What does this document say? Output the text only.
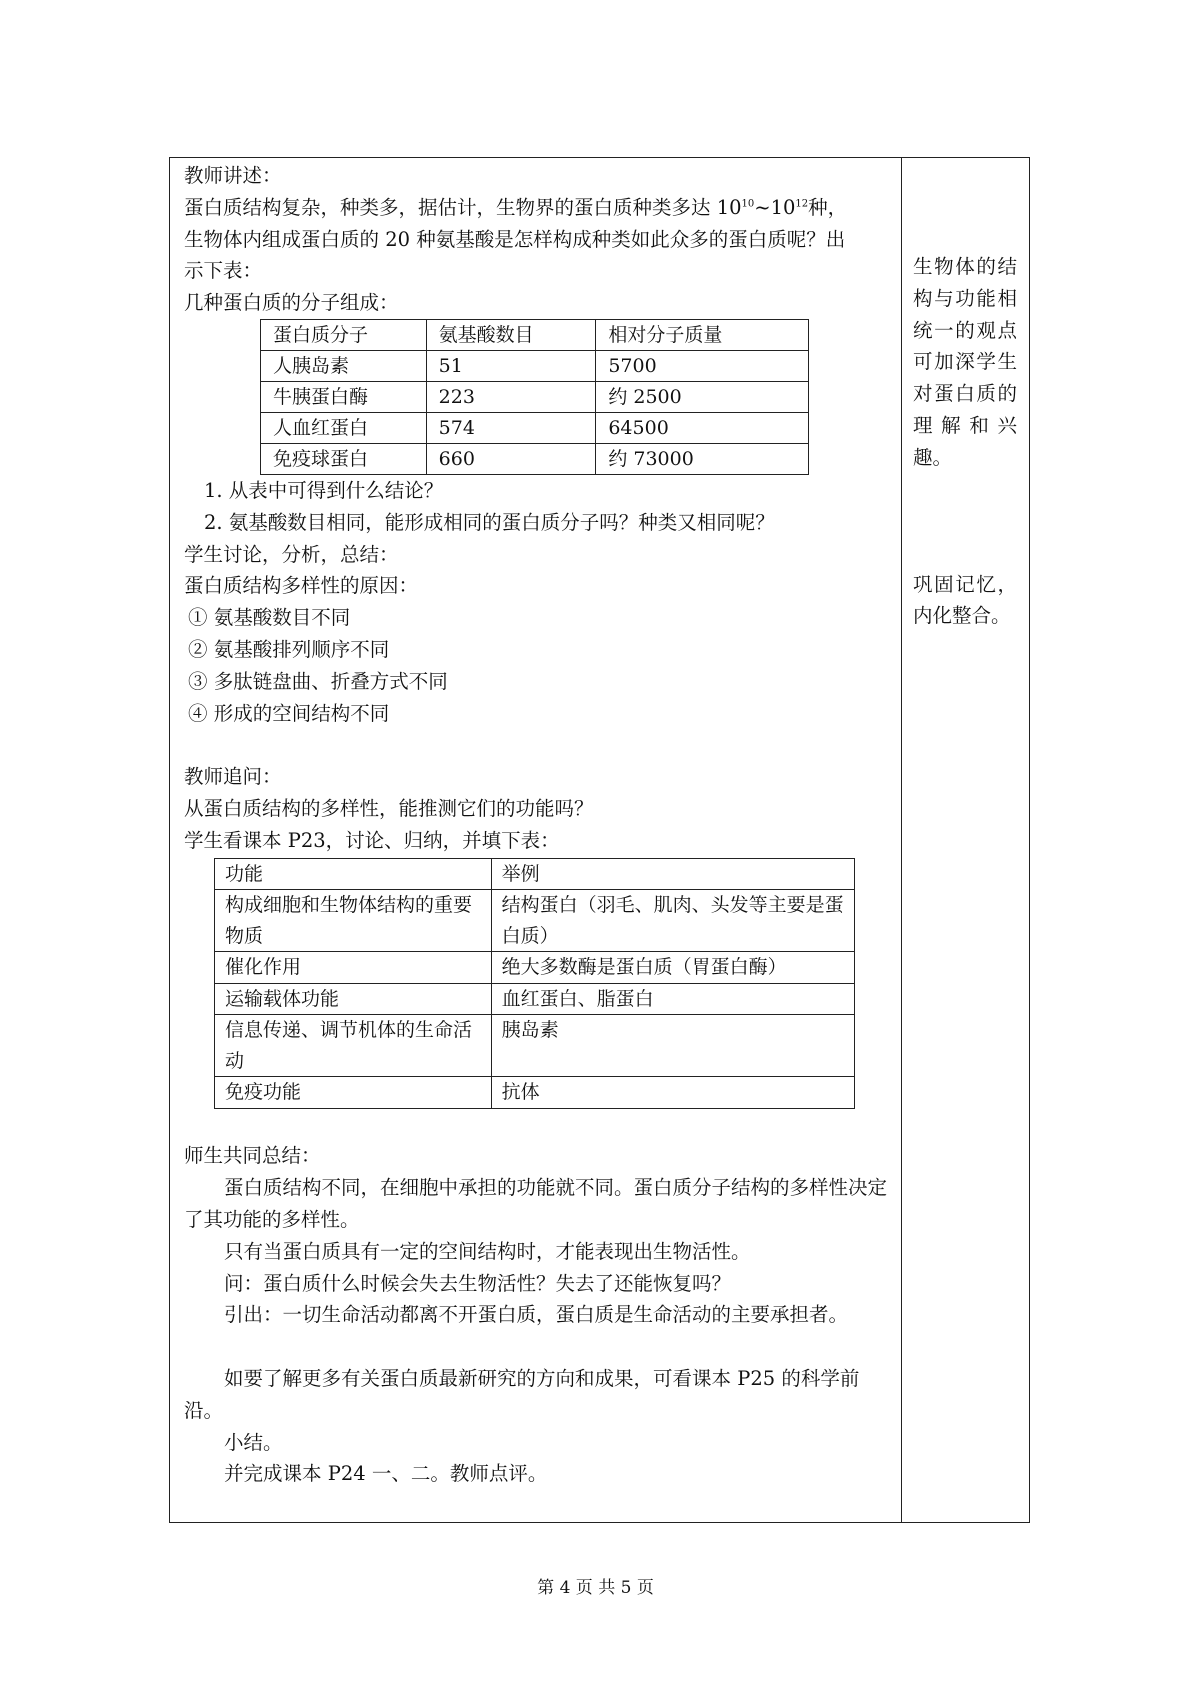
教师讲述：

蛋白质结构复杂，种类多，据估计，生物界的蛋白质种类多达 $10^{10}\sim 10^{12}$种，

生物体内组成蛋白质的 20 种氨基酸是怎样构成种类如此众多的蛋白质呢？出

示下表：

几种蛋白质的分子组成：

蛋白质分子	氨基酸数目	相对分子质量
人胰岛素	51	5700
牛胰蛋白酶	223	约 2500
人血红蛋白	574	64500
免疫球蛋白	660	约 73000

1. 从表中可得到什么结论？

2. 氨基酸数目相同，能形成相同的蛋白质分子吗？种类又相同呢？

学生讨论，分析，总结：

蛋白质结构多样性的原因：

① 氨基酸数目不同

② 氨基酸排列顺序不同

③ 多肽链盘曲、折叠方式不同

④ 形成的空间结构不同

教师追问：

从蛋白质结构的多样性，能推测它们的功能吗？

学生看课本 P23，讨论、归纳，并填下表：

功能	举例
构成细胞和生物体结构的重要物质	结构蛋白（羽毛、肌肉、头发等主要是蛋白质）
催化作用	绝大多数酶是蛋白质（胃蛋白酶）
运输载体功能	血红蛋白、脂蛋白
信息传递、调节机体的生命活动	胰岛素
免疫功能	抗体

师生共同总结：

蛋白质结构不同，在细胞中承担的功能就不同。蛋白质分子结构的多样性决定了其功能的多样性。

只有当蛋白质具有一定的空间结构时，才能表现出生物活性。

问：蛋白质什么时候会失去生物活性？失去了还能恢复吗？

引出：一切生命活动都离不开蛋白质，蛋白质是生命活动的主要承担者。

如要了解更多有关蛋白质最新研究的方向和成果，可看课本 P25 的科学前沿。

小结。

并完成课本 P24 一、二。教师点评。

生物体的结构与功能相统一的观点可加深学生对蛋白质的理解和兴趣。

巩固记忆，内化整合。

第 4 页 共 5 页
